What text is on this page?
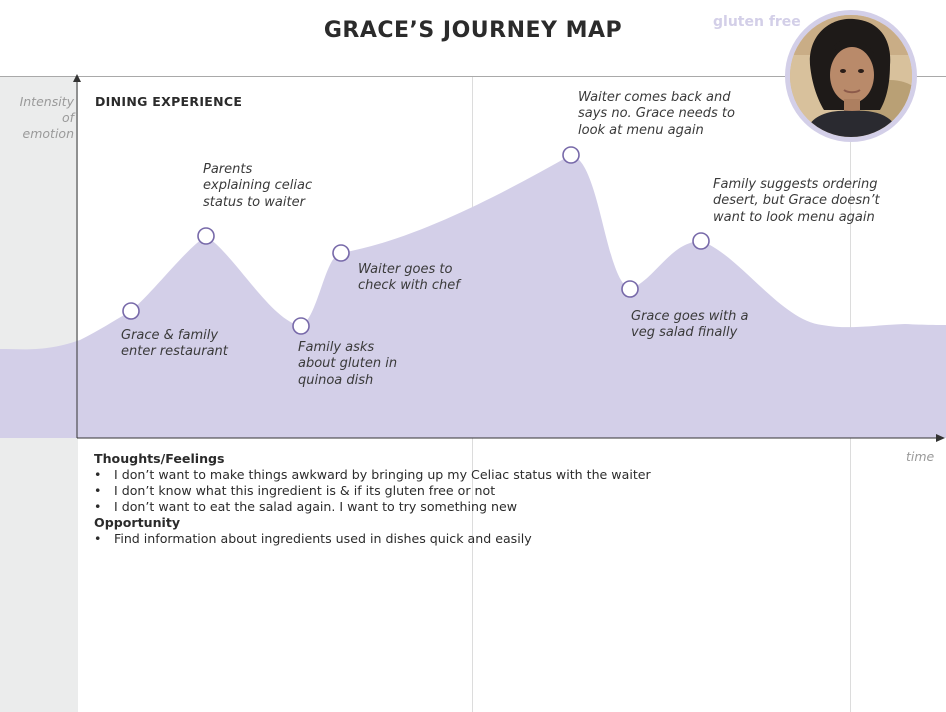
GRACE’S JOURNEY MAP	gluten free
Intensity
of
emotion
DINING EXPERIENCE
Grace & family
enter restaurant
Parents
explaining celiac
status to waiter
Family asks
about gluten in
quinoa dish
Waiter goes to
check with chef
Waiter comes back and
says no. Grace needs to
look at menu again
Grace goes with a
veg salad finally
Family suggests ordering
desert, but Grace doesn’t
want to look menu again
time
Thoughts/Feelings
• I don’t want to make things awkward by bringing up my Celiac status with the waiter
• I don’t know what this ingredient is & if its gluten free or not
• I don’t want to eat the salad again. I want to try something new
Opportunity
• Find information about ingredients used in dishes quick and easily
